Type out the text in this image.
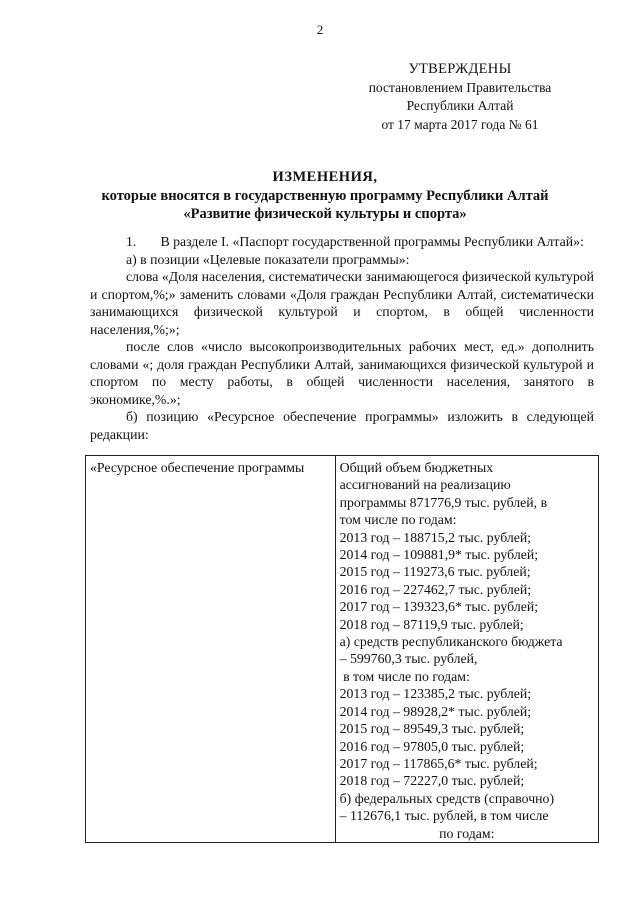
2
УТВЕРЖДЕНЫ
постановлением Правительства
Республики Алтай
от 17 марта 2017 года № 61
ИЗМЕНЕНИЯ,
которые вносятся в государственную программу Республики Алтай
«Развитие физической культуры и спорта»

1.       В разделе I. «Паспорт государственной программы Республики Алтай»:

а) в позиции «Целевые показатели программы»:

слова «Доля населения, систематически занимающегося физической культурой и спортом,%;» заменить словами «Доля граждан Республики Алтай, систематически занимающихся физической культурой и спортом, в общей численности населения,%;»;

после слов «число высокопроизводительных рабочих мест, ед.» дополнить словами «; доля граждан Республики Алтай, занимающихся физической культурой и спортом по месту работы, в общей численности населения, занятого в экономике,%.»;

б) позицию «Ресурсное обеспечение программы» изложить в следующей редакции:

«Ресурсное обеспечение программы	Общий объем бюджетных
ассигнований на реализацию
программы 871776,9 тыс. рублей, в
том числе по годам:
2013 год – 188715,2 тыс. рублей;
2014 год – 109881,9* тыс. рублей;
2015 год – 119273,6 тыс. рублей;
2016 год – 227462,7 тыс. рублей;
2017 год – 139323,6* тыс. рублей;
2018 год – 87119,9 тыс. рублей;
а) средств республиканского бюджета
– 599760,3 тыс. рублей,
в том числе по годам:
2013 год – 123385,2 тыс. рублей;
2014 год – 98928,2* тыс. рублей;
2015 год – 89549,3 тыс. рублей;
2016 год – 97805,0 тыс. рублей;
2017 год – 117865,6* тыс. рублей;
2018 год – 72227,0 тыс. рублей;
б) федеральных средств (справочно)
– 112676,1 тыс. рублей, в том числе
по годам:
